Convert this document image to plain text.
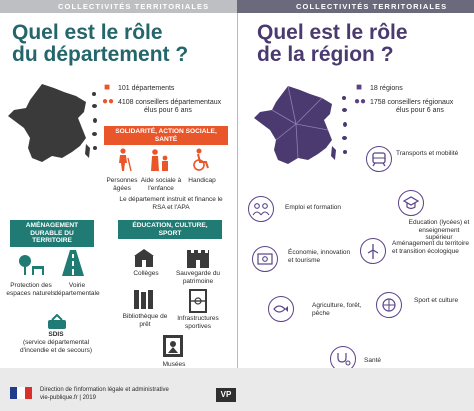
COLLECTIVITÉS TERRITORIALES	COLLECTIVITÉS TERRITORIALES
Quel est le rôle
du département ?
■ 101 départements
●● 4108 conseillers départementaux
élus pour 6 ans
SOLIDARITÉ, ACTION SOCIALE, SANTÉ
Personnes âgées
Aide sociale à l'enfance
Handicap
Le département instruit et finance le RSA et l'APA
AMÉNAGEMENT DURABLE DU TERRITOIRE
Protection des espaces naturels
Voirie départementale
SDIS
(service départemental d'incendie et de secours)
ÉDUCATION, CULTURE, SPORT
Collèges	Sauvegarde du patrimoine
Bibliothèque de prêt
Infrastructures sportives
Musées
Quel est le rôle
de la région ?
■ 18 régions
●● 1758 conseillers régionaux
élus pour 6 ans
Transports et mobilité
Education (lycées) et enseignement supérieur
Emploi et formation
Aménagement du territoire et transition écologique
Économie, innovation et tourisme
Sport et culture
Agriculture, forêt, pêche
Santé
Direction de l'information légale et administrative
vie-publique.fr | 2019	VP
